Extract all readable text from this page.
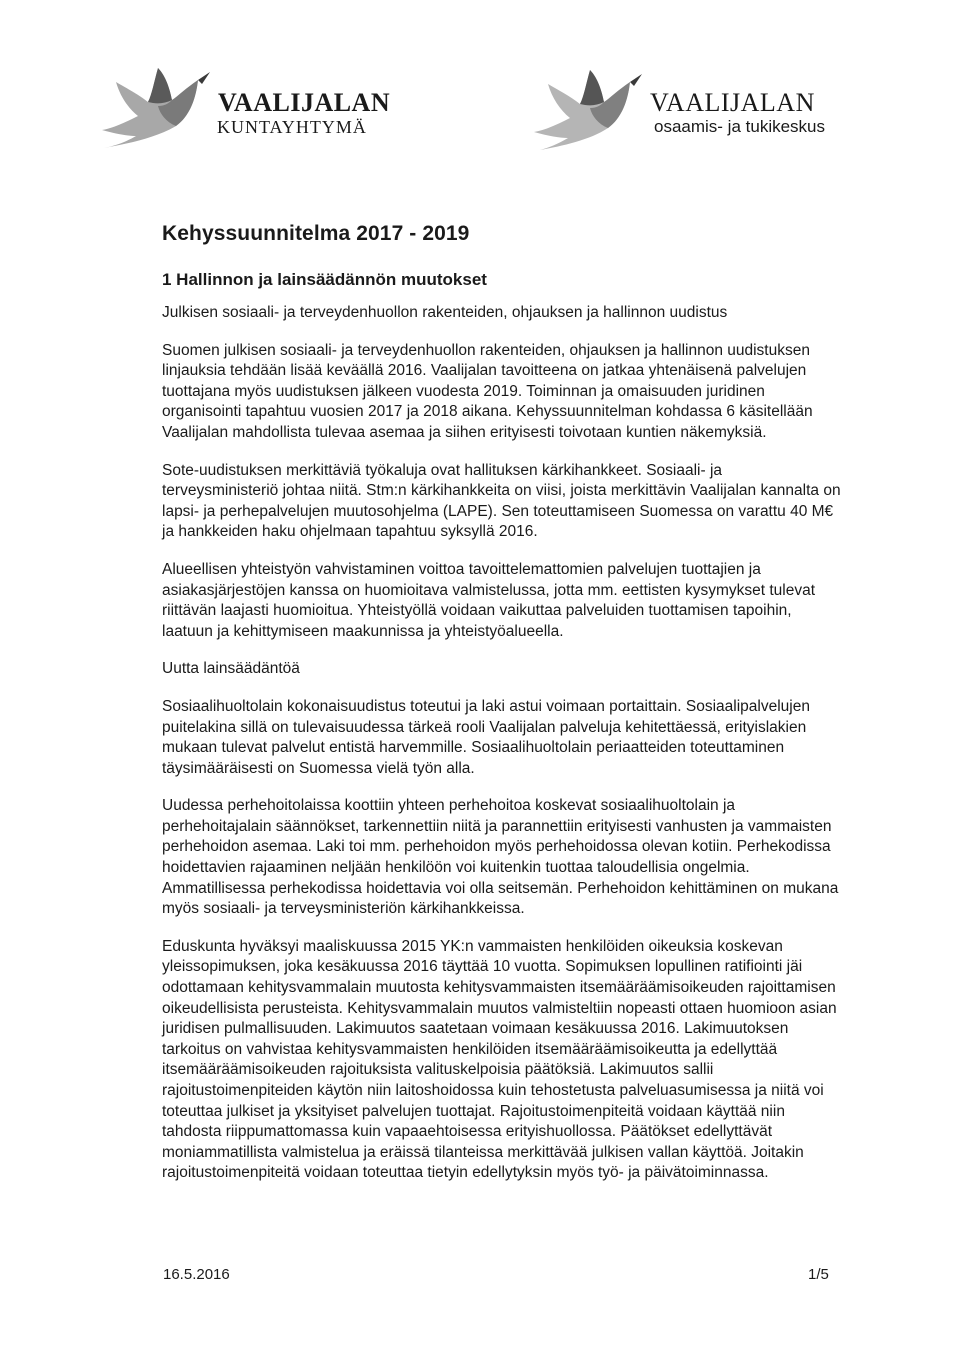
VAALIJALAN
KUNTAYHTYMÄ
VAALIJALAN
osaamis- ja tukikeskus
Kehyssuunnitelma 2017 - 2019
1 Hallinnon ja lainsäädännön muutokset

Julkisen sosiaali- ja terveydenhuollon rakenteiden, ohjauksen ja hallinnon uudistus

Suomen julkisen sosiaali- ja terveydenhuollon rakenteiden, ohjauksen ja hallinnon uudistuksen linjauksia tehdään lisää keväällä 2016. Vaalijalan tavoitteena on jatkaa yhtenäisenä palvelujen tuottajana myös uudistuksen jälkeen vuodesta 2019. Toiminnan ja omaisuuden juridinen organisointi tapahtuu vuosien 2017 ja 2018 aikana. Kehyssuunnitelman kohdassa 6 käsitellään Vaalijalan mahdollista tulevaa asemaa ja siihen erityisesti toivotaan kuntien näkemyksiä.

Sote-uudistuksen merkittäviä työkaluja ovat hallituksen kärkihankkeet. Sosiaali- ja terveysministeriö johtaa niitä. Stm:n kärkihankkeita on viisi, joista merkittävin Vaalijalan kannalta on lapsi- ja perhepalvelujen muutosohjelma (LAPE). Sen toteuttamiseen Suomessa on varattu 40 M€ ja hankkeiden haku ohjelmaan tapahtuu syksyllä 2016.

Alueellisen yhteistyön vahvistaminen voittoa tavoittelemattomien palvelujen tuottajien ja asiakasjärjestöjen kanssa on huomioitava valmistelussa, jotta mm. eettisten kysymykset tulevat riittävän laajasti huomioitua. Yhteistyöllä voidaan vaikuttaa palveluiden tuottamisen tapoihin, laatuun ja kehittymiseen maakunnissa ja yhteistyöalueella.

Uutta lainsäädäntöä

Sosiaalihuoltolain kokonaisuudistus toteutui ja laki astui voimaan portaittain. Sosiaalipalvelujen puitelakina sillä on tulevaisuudessa tärkeä rooli Vaalijalan palveluja kehitettäessä, erityislakien mukaan tulevat palvelut entistä harvemmille. Sosiaalihuoltolain periaatteiden toteuttaminen täysimääräisesti on Suomessa vielä työn alla.

Uudessa perhehoitolaissa koottiin yhteen perhehoitoa koskevat sosiaalihuoltolain ja perhehoitajalain säännökset, tarkennettiin niitä ja parannettiin erityisesti vanhusten ja vammaisten perhehoidon asemaa. Laki toi mm. perhehoidon myös perhehoidossa olevan kotiin. Perhekodissa hoidettavien rajaaminen neljään henkilöön voi kuitenkin tuottaa taloudellisia ongelmia. Ammatillisessa perhekodissa hoidettavia voi olla seitsemän. Perhehoidon kehittäminen on mukana myös sosiaali- ja terveysministeriön kärkihankkeissa.

Eduskunta hyväksyi maaliskuussa 2015 YK:n vammaisten henkilöiden oikeuksia koskevan yleissopimuksen, joka kesäkuussa 2016 täyttää 10 vuotta. Sopimuksen lopullinen ratifiointi jäi odottamaan kehitysvammalain muutosta kehitysvammaisten itsemääräämisoikeuden rajoittamisen oikeudellisista perusteista. Kehitysvammalain muutos valmisteltiin nopeasti ottaen huomioon asian juridisen pulmallisuuden. Lakimuutos saatetaan voimaan kesäkuussa 2016. Lakimuutoksen tarkoitus on vahvistaa kehitysvammaisten henkilöiden itsemääräämisoikeutta ja edellyttää itsemääräämisoikeuden rajoituksista valituskelpoisia päätöksiä. Lakimuutos sallii rajoitustoimenpiteiden käytön niin laitoshoidossa kuin tehostetusta palveluasumisessa ja niitä voi toteuttaa julkiset ja yksityiset palvelujen tuottajat. Rajoitustoimenpiteitä voidaan käyttää niin tahdosta riippumattomassa kuin vapaaehtoisessa erityishuollossa. Päätökset edellyttävät moniammatillista valmistelua ja eräissä tilanteissa merkittävää julkisen vallan käyttöä. Joitakin rajoitustoimenpiteitä voidaan toteuttaa tietyin edellytyksin myös työ- ja päivätoiminnassa.

16.5.2016	1/5
